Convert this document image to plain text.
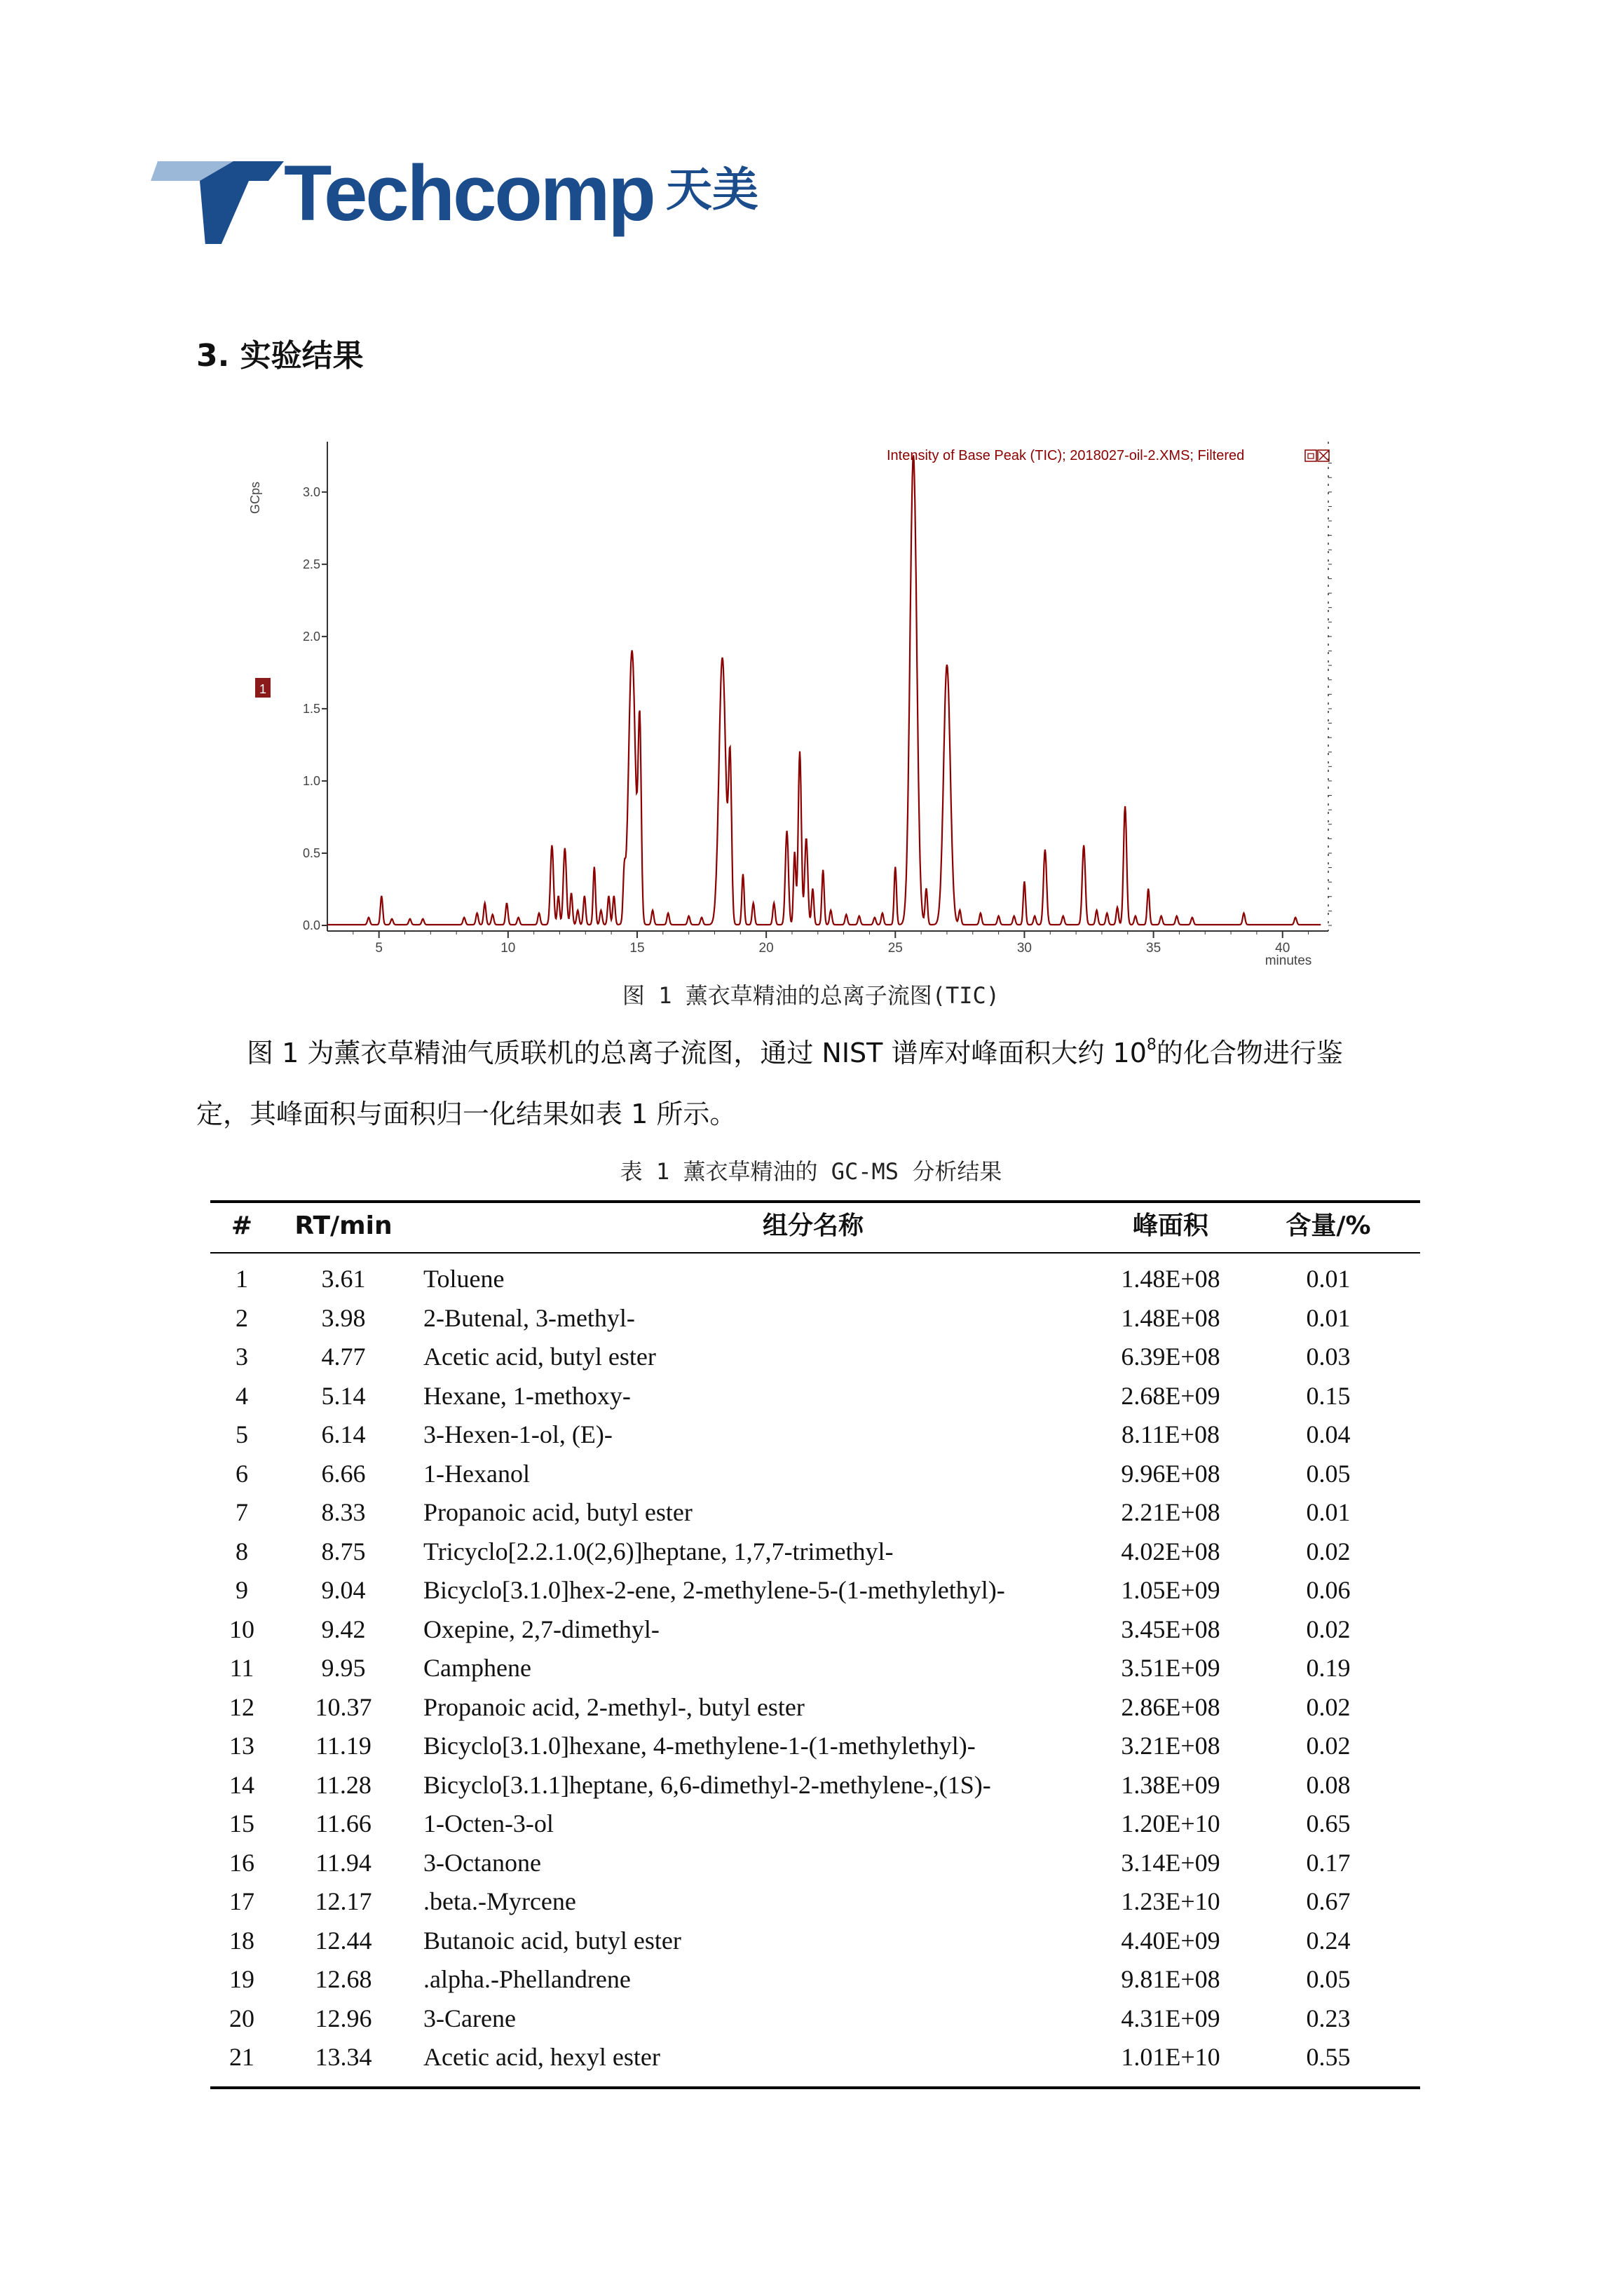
Techcomp 天美
3. 实验结果
0.0
0.5
1.0
1.5
2.0
2.5
3.0
5	10	15	20	25	30	35	40
GCps
minutes
Intensity of Base Peak (TIC); 2018027-oil-2.XMS; Filtered
1
图 1 薰衣草精油的总离子流图(TIC)
图 1 为薰衣草精油气质联机的总离子流图，通过 NIST 谱库对峰面积大约 $10^8$的化合物进行鉴
定，其峰面积与面积归一化结果如表 1 所示。
表 1 薰衣草精油的 GC-MS 分析结果
#	RT/min	组分名称	峰面积	含量/%
1	3.61	Toluene	1.48E+08	0.01
2	3.98	2-Butenal, 3-methyl-	1.48E+08	0.01
3	4.77	Acetic acid, butyl ester	6.39E+08	0.03
4	5.14	Hexane, 1-methoxy-	2.68E+09	0.15
5	6.14	3-Hexen-1-ol, (E)-	8.11E+08	0.04
6	6.66	1-Hexanol	9.96E+08	0.05
7	8.33	Propanoic acid, butyl ester	2.21E+08	0.01
8	8.75	Tricyclo[2.2.1.0(2,6)]heptane, 1,7,7-trimethyl-	4.02E+08	0.02
9	9.04	Bicyclo[3.1.0]hex-2-ene, 2-methylene-5-(1-methylethyl)-	1.05E+09	0.06
10	9.42	Oxepine, 2,7-dimethyl-	3.45E+08	0.02
11	9.95	Camphene	3.51E+09	0.19
12	10.37	Propanoic acid, 2-methyl-, butyl ester	2.86E+08	0.02
13	11.19	Bicyclo[3.1.0]hexane, 4-methylene-1-(1-methylethyl)-	3.21E+08	0.02
14	11.28	Bicyclo[3.1.1]heptane, 6,6-dimethyl-2-methylene-,(1S)-	1.38E+09	0.08
15	11.66	1-Octen-3-ol	1.20E+10	0.65
16	11.94	3-Octanone	3.14E+09	0.17
17	12.17	.beta.-Myrcene	1.23E+10	0.67
18	12.44	Butanoic acid, butyl ester	4.40E+09	0.24
19	12.68	.alpha.-Phellandrene	9.81E+08	0.05
20	12.96	3-Carene	4.31E+09	0.23
21	13.34	Acetic acid, hexyl ester	1.01E+10	0.55
